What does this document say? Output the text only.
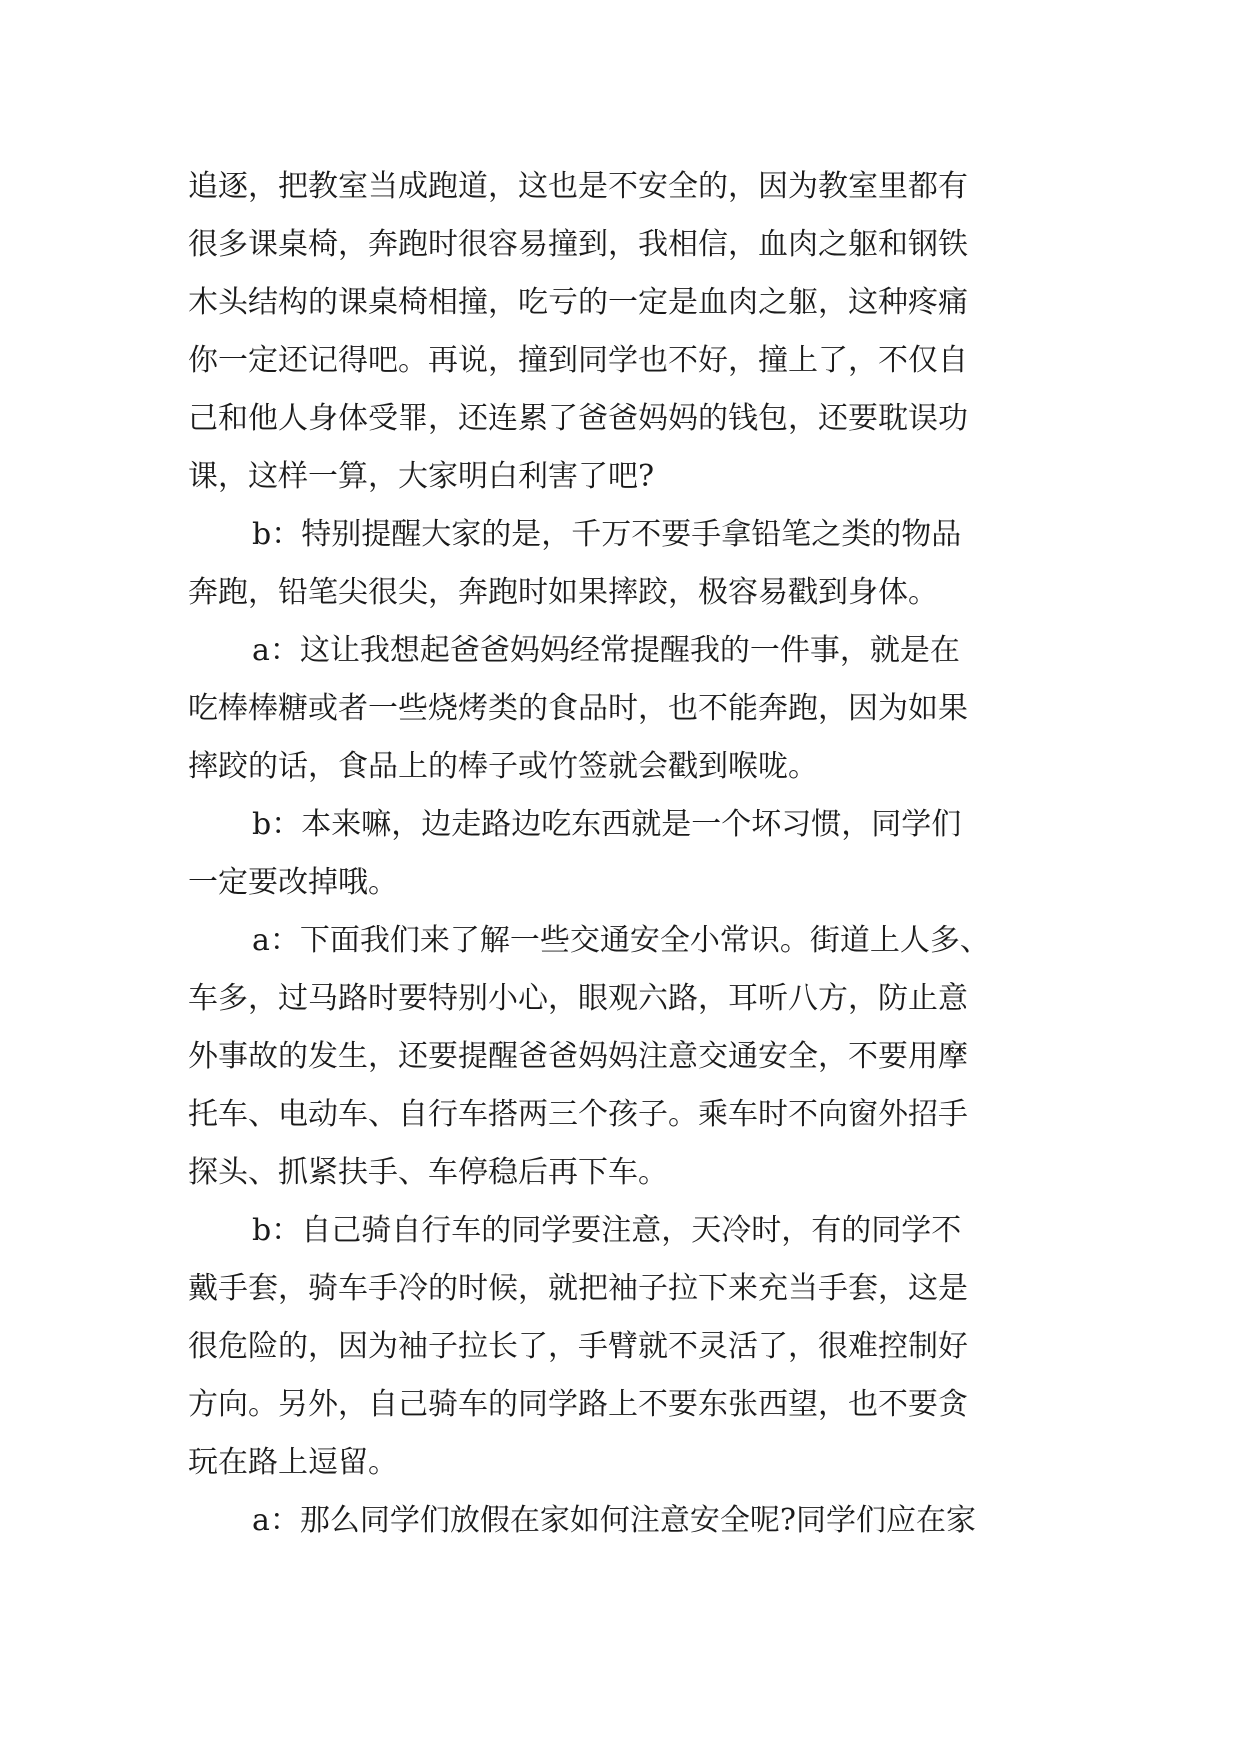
追逐，把教室当成跑道，这也是不安全的，因为教室里都有
很多课桌椅，奔跑时很容易撞到，我相信，血肉之躯和钢铁
木头结构的课桌椅相撞，吃亏的一定是血肉之躯，这种疼痛
你一定还记得吧。再说，撞到同学也不好，撞上了，不仅自
己和他人身体受罪，还连累了爸爸妈妈的钱包，还要耽误功
课，这样一算，大家明白利害了吧?
b：特别提醒大家的是，千万不要手拿铅笔之类的物品
奔跑，铅笔尖很尖，奔跑时如果摔跤，极容易戳到身体。
a：这让我想起爸爸妈妈经常提醒我的一件事，就是在
吃棒棒糖或者一些烧烤类的食品时，也不能奔跑，因为如果
摔跤的话，食品上的棒子或竹签就会戳到喉咙。
b：本来嘛，边走路边吃东西就是一个坏习惯，同学们
一定要改掉哦。
a：下面我们来了解一些交通安全小常识。街道上人多、
车多，过马路时要特别小心，眼观六路，耳听八方，防止意
外事故的发生，还要提醒爸爸妈妈注意交通安全，不要用摩
托车、电动车、自行车搭两三个孩子。乘车时不向窗外招手
探头、抓紧扶手、车停稳后再下车。
b：自己骑自行车的同学要注意，天冷时，有的同学不
戴手套，骑车手冷的时候，就把袖子拉下来充当手套，这是
很危险的，因为袖子拉长了，手臂就不灵活了，很难控制好
方向。另外，自己骑车的同学路上不要东张西望，也不要贪
玩在路上逗留。
a：那么同学们放假在家如何注意安全呢?同学们应在家
